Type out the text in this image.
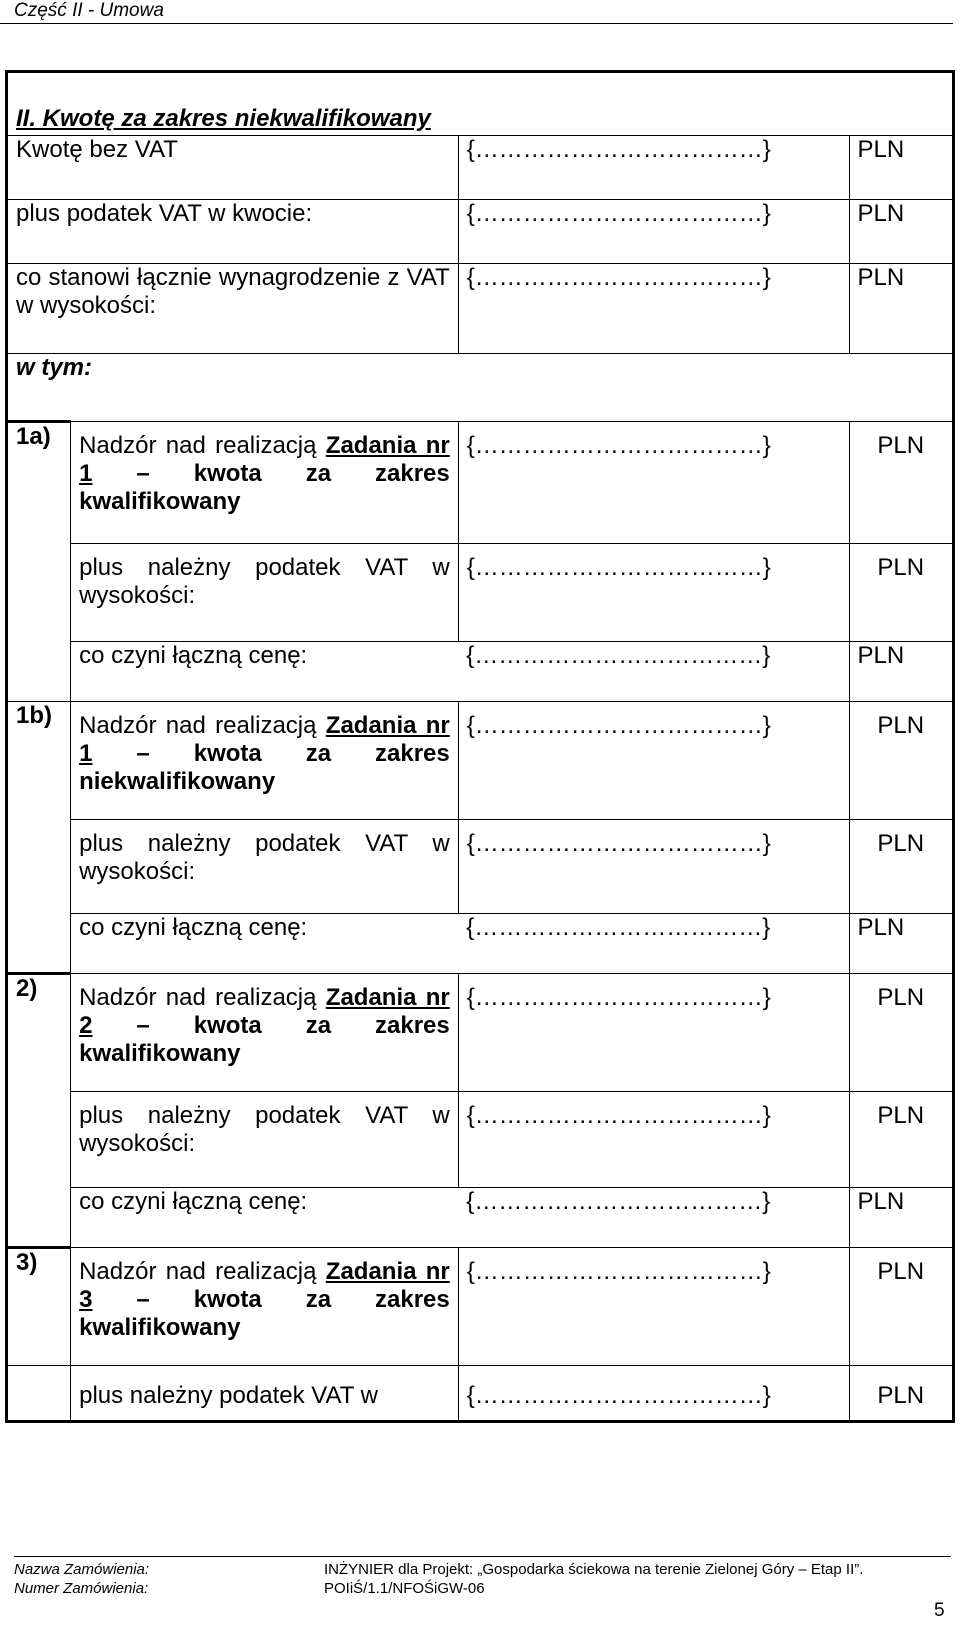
Część II - Umowa
II. Kwotę za zakres niekwalifikowany			
Kwotę bez VAT		{………………………………}	PLN
plus podatek VAT w kwocie:		{………………………………}	PLN
co stanowi łącznie wynagrodzenie z VAT w wysokości:		{………………………………}	PLN
w tym:			
1a)	Nadzór nad realizacją Zadania nr 1 – kwota za zakres kwalifikowany	{………………………………}	PLN
	plus należny podatek VAT w wysokości:	{………………………………}	PLN
	co czyni łączną cenę:	{………………………………}	PLN
1b)	Nadzór nad realizacją Zadania nr 1 – kwota za zakres niekwalifikowany	{………………………………}	PLN
	plus należny podatek VAT w wysokości:	{………………………………}	PLN
	co czyni łączną cenę:	{………………………………}	PLN
2)	Nadzór nad realizacją Zadania nr 2 – kwota za zakres kwalifikowany	{………………………………}	PLN
	plus należny podatek VAT w wysokości:	{………………………………}	PLN
	co czyni łączną cenę:	{………………………………}	PLN
3)	Nadzór nad realizacją Zadania nr 3 – kwota za zakres kwalifikowany	{………………………………}	PLN
	plus należny podatek VAT w	{………………………………}	PLN
Nazwa Zamówienia:
Numer Zamówienia:
INŻYNIER dla Projekt: „Gospodarka ściekowa na terenie Zielonej Góry – Etap II”.
POIiŚ/1.1/NFOŚiGW-06
5
